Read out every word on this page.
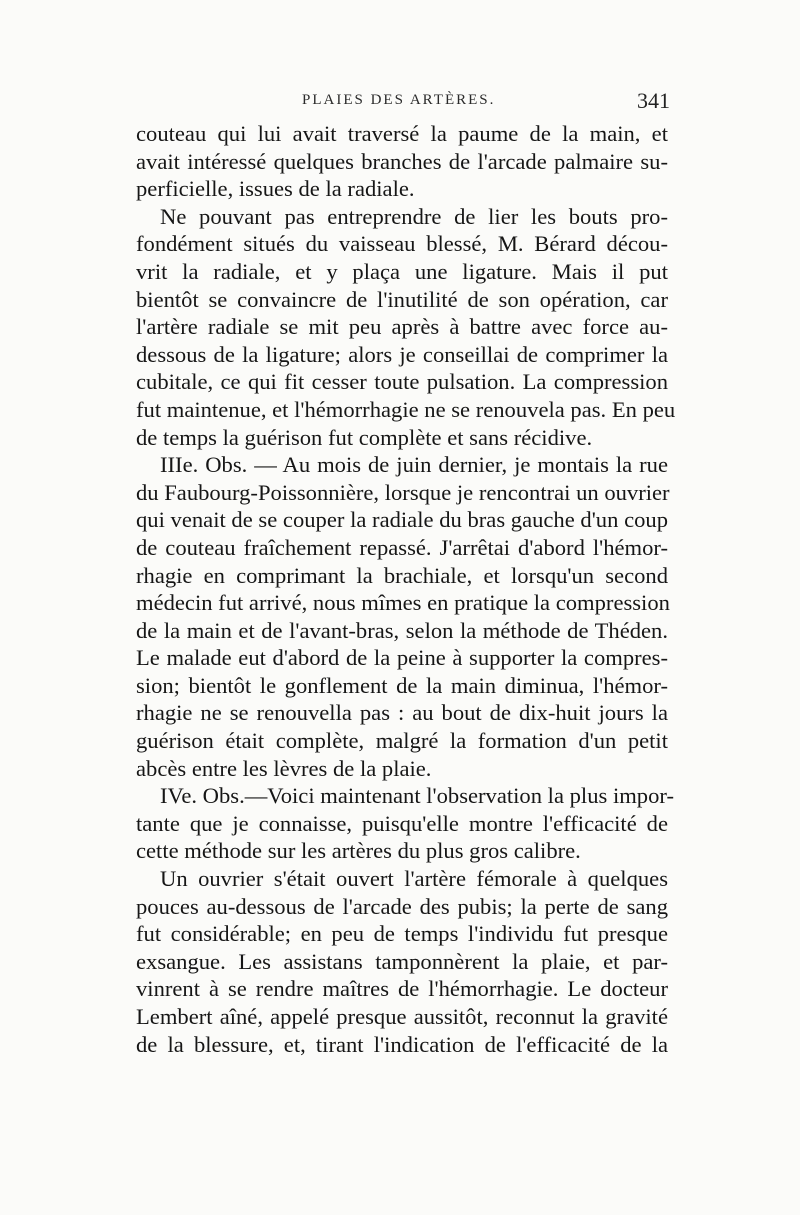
PLAIES DES ARTÈRES.	341
couteau qui lui avait traversé la paume de la main, et
avait intéressé quelques branches de l'arcade palmaire su-
perficielle, issues de la radiale.
Ne pouvant pas entreprendre de lier les bouts pro-
fondément situés du vaisseau blessé, M. Bérard décou-
vrit la radiale, et y plaça une ligature. Mais il put
bientôt se convaincre de l'inutilité de son opération, car
l'artère radiale se mit peu après à battre avec force au-
dessous de la ligature; alors je conseillai de comprimer la
cubitale, ce qui fit cesser toute pulsation. La compression
fut maintenue, et l'hémorrhagie ne se renouvela pas. En peu
de temps la guérison fut complète et sans récidive.
IIIe. Obs. — Au mois de juin dernier, je montais la rue
du Faubourg-Poissonnière, lorsque je rencontrai un ouvrier
qui venait de se couper la radiale du bras gauche d'un coup
de couteau fraîchement repassé. J'arrêtai d'abord l'hémor-
rhagie en comprimant la brachiale, et lorsqu'un second
médecin fut arrivé, nous mîmes en pratique la compression
de la main et de l'avant-bras, selon la méthode de Théden.
Le malade eut d'abord de la peine à supporter la compres-
sion; bientôt le gonflement de la main diminua, l'hémor-
rhagie ne se renouvella pas : au bout de dix-huit jours la
guérison était complète, malgré la formation d'un petit
abcès entre les lèvres de la plaie.
IVe. Obs.—Voici maintenant l'observation la plus impor-
tante que je connaisse, puisqu'elle montre l'efficacité de
cette méthode sur les artères du plus gros calibre.
Un ouvrier s'était ouvert l'artère fémorale à quelques
pouces au-dessous de l'arcade des pubis; la perte de sang
fut considérable; en peu de temps l'individu fut presque
exsangue. Les assistans tamponnèrent la plaie, et par-
vinrent à se rendre maîtres de l'hémorrhagie. Le docteur
Lembert aîné, appelé presque aussitôt, reconnut la gravité
de la blessure, et, tirant l'indication de l'efficacité de la
